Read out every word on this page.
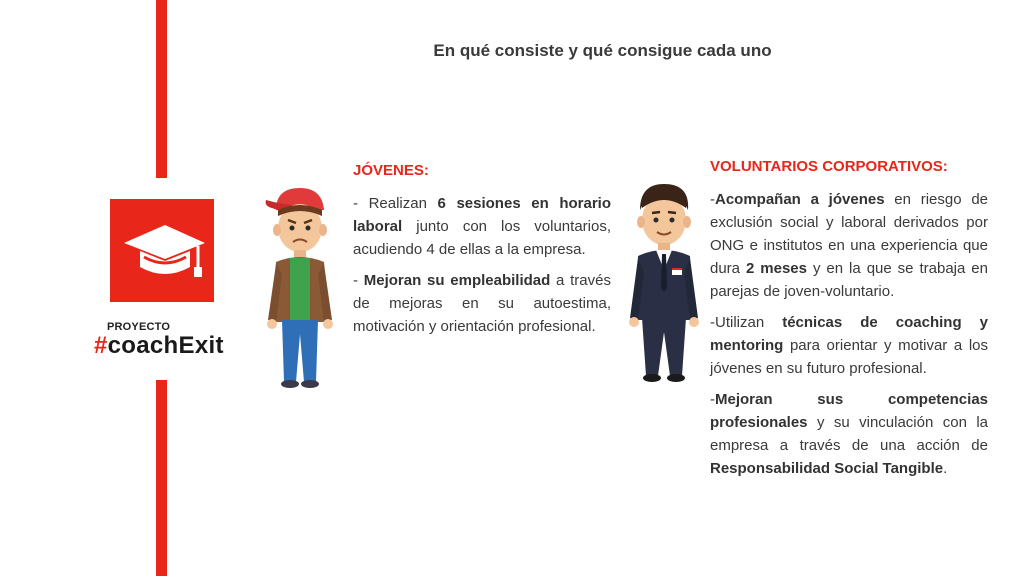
PROYECTO
#coachExit
En qué consiste y qué consigue cada uno

JÓVENES:

- Realizan 6 sesiones en horario laboral junto con los voluntarios, acudiendo 4 de ellas a la empresa.

- Mejoran su empleabilidad a través de mejoras en su autoestima, motivación y orientación profesional.

VOLUNTARIOS CORPORATIVOS:

-Acompañan a jóvenes en riesgo de exclusión social y laboral derivados por ONG e institutos en una experiencia que dura 2 meses y en la que se trabaja en parejas de joven-voluntario.

-Utilizan técnicas de coaching y mentoring para orientar y motivar a los jóvenes en su futuro profesional.

-Mejoran sus competencias profesionales y su vinculación con la empresa a través de una acción de Responsabilidad Social Tangible.
